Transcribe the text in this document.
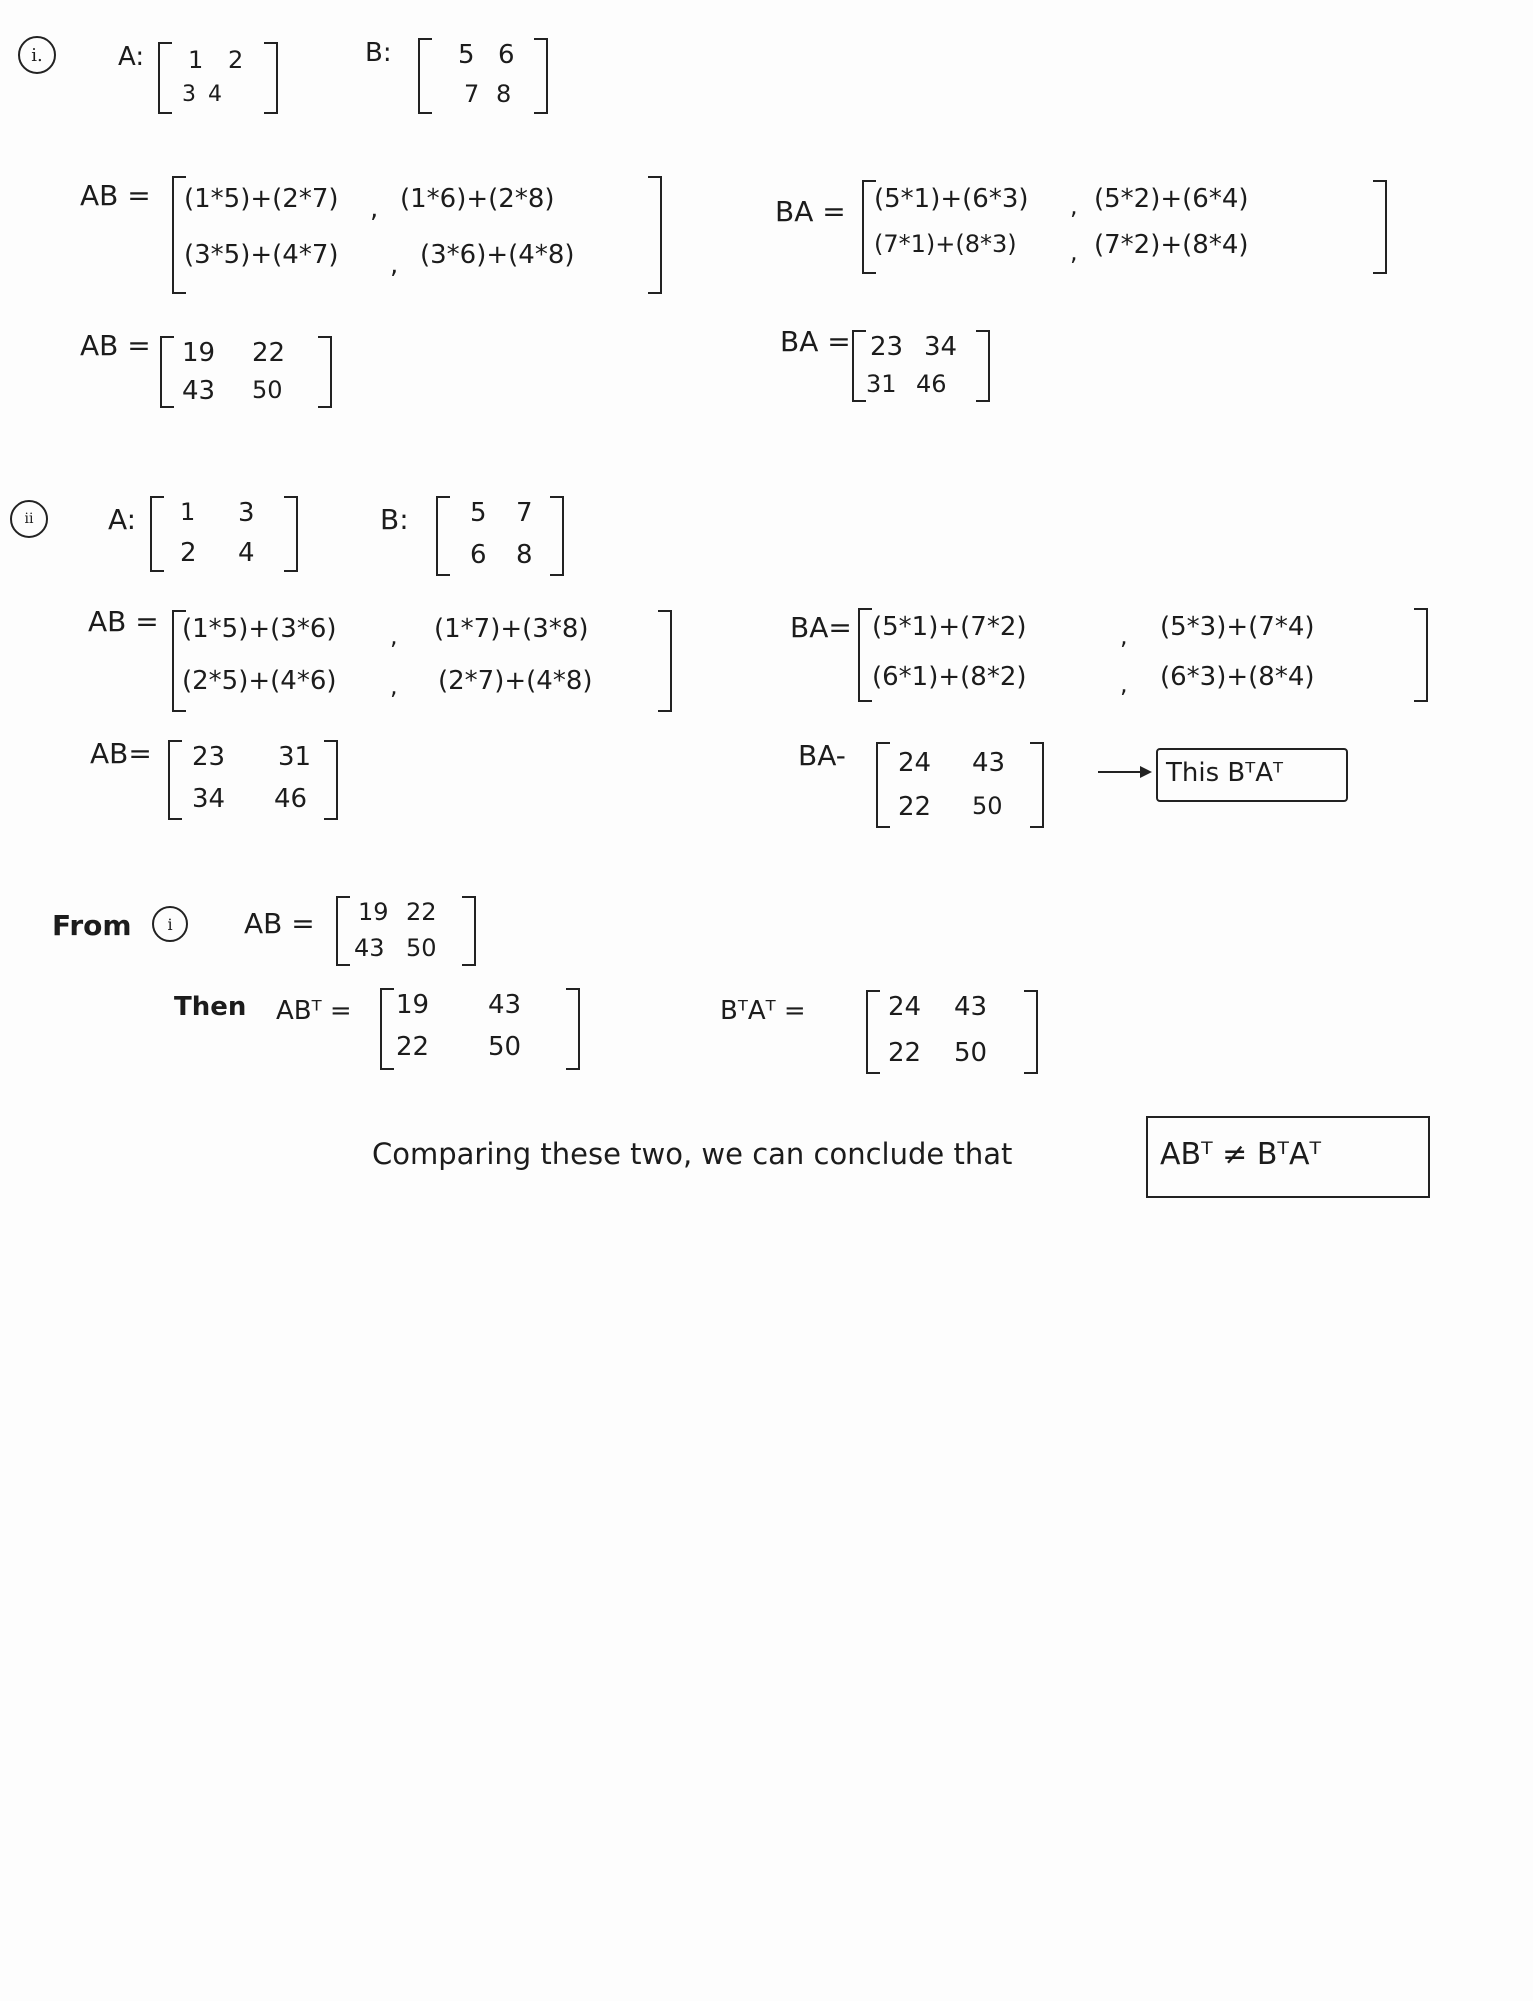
i.	A: 1 2
3 4
B:	5 6
7 8
AB = (1*5)+(2*7) , (1*6)+(2*8)
(3*5)+(4*7) , (3*6)+(4*8)
BA = (5*1)+(6*3) , (5*2)+(6*4)
(7*1)+(8*3) , (7*2)+(8*4)
AB = 19 22
43 50
BA = 23 34
31 46
ii	A: 1 3
2 4
B: 5 7
6 8
AB = (1*5)+(3*6) , (1*7)+(3*8)
(2*5)+(4*6) , (2*7)+(4*8)
BA= (5*1)+(7*2)	, (5*3)+(7*4)
(6*1)+(8*2)	, (6*3)+(8*4)
AB= 23 31
34 46
BA- 24 43
22 50
This BᵀAᵀ
From i	AB = 19 22
43 50
Then ABᵀ = 19 43
22 50
BᵀAᵀ =	24 43
22 50
Comparing these two, we can conclude that	ABᵀ ≠ BᵀAᵀ
